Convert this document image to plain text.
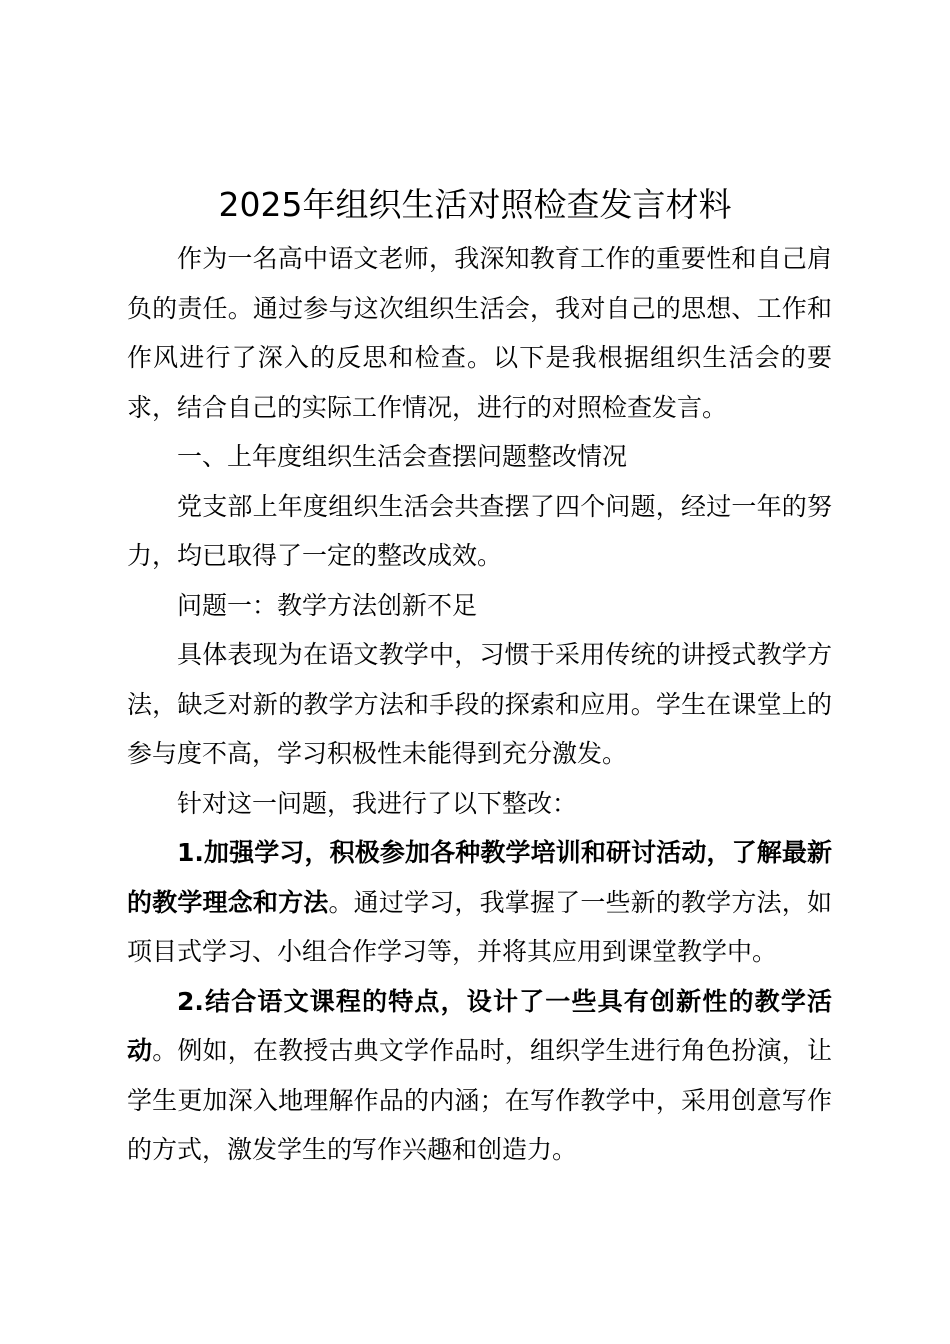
2025年组织生活对照检查发言材料

作为一名高中语文老师，我深知教育工作的重要性和自己肩负的责任。通过参与这次组织生活会，我对自己的思想、工作和作风进行了深入的反思和检查。以下是我根据组织生活会的要求，结合自己的实际工作情况，进行的对照检查发言。

一、上年度组织生活会查摆问题整改情况

党支部上年度组织生活会共查摆了四个问题，经过一年的努力，均已取得了一定的整改成效。

问题一：教学方法创新不足

具体表现为在语文教学中，习惯于采用传统的讲授式教学方法，缺乏对新的教学方法和手段的探索和应用。学生在课堂上的参与度不高，学习积极性未能得到充分激发。

针对这一问题，我进行了以下整改：

1.加强学习，积极参加各种教学培训和研讨活动，了解最新的教学理念和方法。通过学习，我掌握了一些新的教学方法，如项目式学习、小组合作学习等，并将其应用到课堂教学中。

2.结合语文课程的特点，设计了一些具有创新性的教学活动。例如，在教授古典文学作品时，组织学生进行角色扮演，让学生更加深入地理解作品的内涵；在写作教学中，采用创意写作的方式，激发学生的写作兴趣和创造力。
